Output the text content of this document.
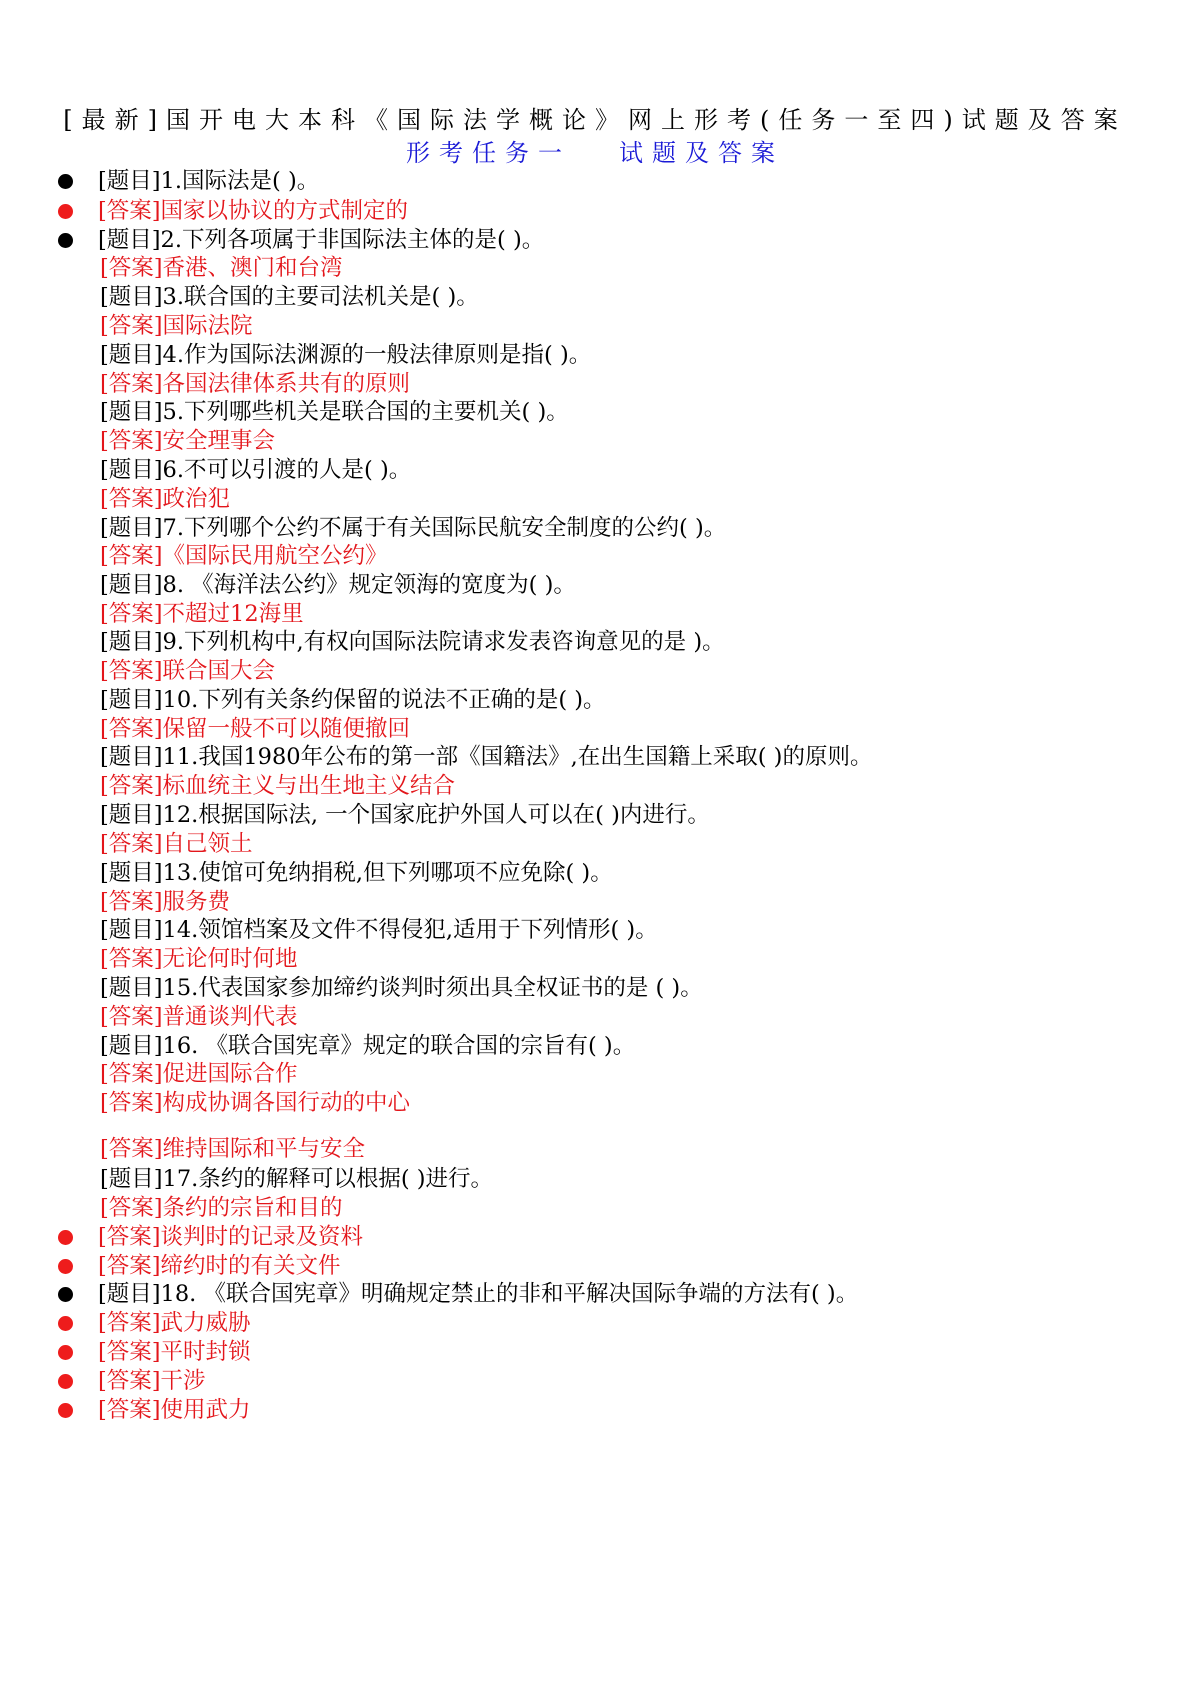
[最新]国开电大本科《国际法学概论》网上形考(任务一至四)试题及答案
形考任务一 试题及答案
[题目]1.国际法是( )。
[答案]国家以协议的方式制定的
[题目]2.下列各项属于非国际法主体的是( )。
[答案]香港、澳门和台湾
[题目]3.联合国的主要司法机关是( )。
[答案]国际法院
[题目]4.作为国际法渊源的一般法律原则是指( )。
[答案]各国法律体系共有的原则
[题目]5.下列哪些机关是联合国的主要机关( )。
[答案]安全理事会
[题目]6.不可以引渡的人是( )。
[答案]政治犯
[题目]7.下列哪个公约不属于有关国际民航安全制度的公约( )。
[答案]《国际民用航空公约》
[题目]8. 《海洋法公约》规定领海的宽度为( )。
[答案]不超过12海里
[题目]9.下列机构中,有权向国际法院请求发表咨询意见的是 )。
[答案]联合国大会
[题目]10.下列有关条约保留的说法不正确的是( )。
[答案]保留一般不可以随便撤回
[题目]11.我国1980年公布的第一部《国籍法》,在出生国籍上采取( )的原则。
[答案]标血统主义与出生地主义结合
[题目]12.根据国际法, 一个国家庇护外国人可以在( )内进行。
[答案]自己领土
[题目]13.使馆可免纳捐税,但下列哪项不应免除( )。
[答案]服务费
[题目]14.领馆档案及文件不得侵犯,适用于下列情形( )。
[答案]无论何时何地
[题目]15.代表国家参加缔约谈判时须出具全权证书的是 ( )。
[答案]普通谈判代表
[题目]16. 《联合国宪章》规定的联合国的宗旨有( )。
[答案]促进国际合作
[答案]构成协调各国行动的中心
[答案]维持国际和平与安全
[题目]17.条约的解释可以根据( )进行。
[答案]条约的宗旨和目的
[答案]谈判时的记录及资料
[答案]缔约时的有关文件
[题目]18. 《联合国宪章》明确规定禁止的非和平解决国际争端的方法有( )。
[答案]武力威胁
[答案]平时封锁
[答案]干涉
[答案]使用武力
